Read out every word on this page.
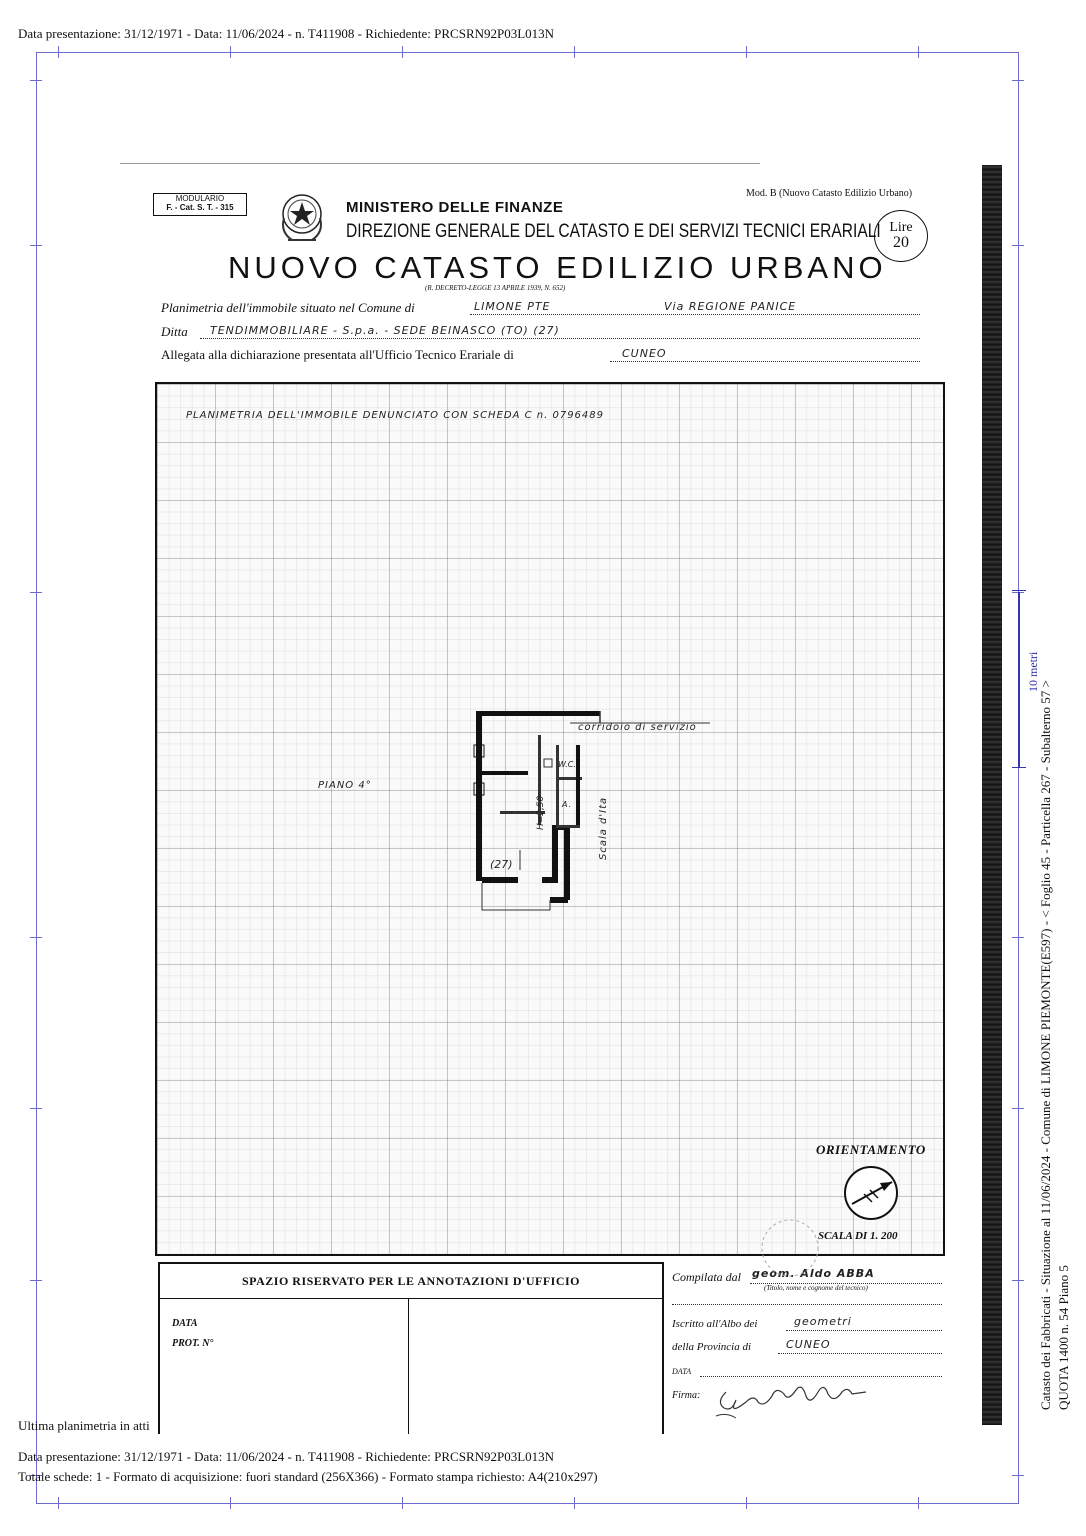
Data presentazione: 31/12/1971 - Data: 11/06/2024 - n. T411908 - Richiedente: PRCSRN92P03L013N
10 metri
Catasto dei Fabbricati - Situazione al 11/06/2024 - Comune di LIMONE PIEMONTE(E597) - < Foglio 45 - Particella 267 - Subalterno 57 > QUOTA 1400 n. 54 Piano 5
MODULARIO
F. - Cat. S. T. - 315	MINISTERO DELLE FINANZE
DIREZIONE GENERALE DEL CATASTO E DEI SERVIZI TECNICI ERARIALI
Mod. B (Nuovo Catasto Edilizio Urbano)
Lire
20
NUOVO CATASTO EDILIZIO URBANO
(R. DECRETO-LEGGE 13 APRILE 1939, N. 652)
Planimetria dell'immobile situato nel Comune di	LIMONE PTE	Via REGIONE PANICE
Ditta TENDIMMOBILIARE - S.p.a. - SEDE BEINASCO (TO) (27)
Allegata alla dichiarazione presentata all'Ufficio Tecnico Erariale di	CUNEO
PLANIMETRIA DELL'IMMOBILE DENUNCIATO CON SCHEDA C n. 0796489
corridoio di servizio
W.C.
H=2,50 A.	Scala d'Ita
(27)
PIANO 4°
ORIENTAMENTO
SCALA DI 1. 200
SPAZIO RISERVATO PER LE ANNOTAZIONI D'UFFICIO
DATA
PROT. N°
Compilata dal geom. Aldo ABBA
(Titolo, nome e cognome del tecnico)
Iscritto all'Albo dei	geometri
della Provincia di	CUNEO
DATA
Firma:
Ultima planimetria in atti
Data presentazione: 31/12/1971 - Data: 11/06/2024 - n. T411908 - Richiedente: PRCSRN92P03L013N
Totale schede: 1 - Formato di acquisizione: fuori standard (256X366) - Formato stampa richiesto: A4(210x297)
